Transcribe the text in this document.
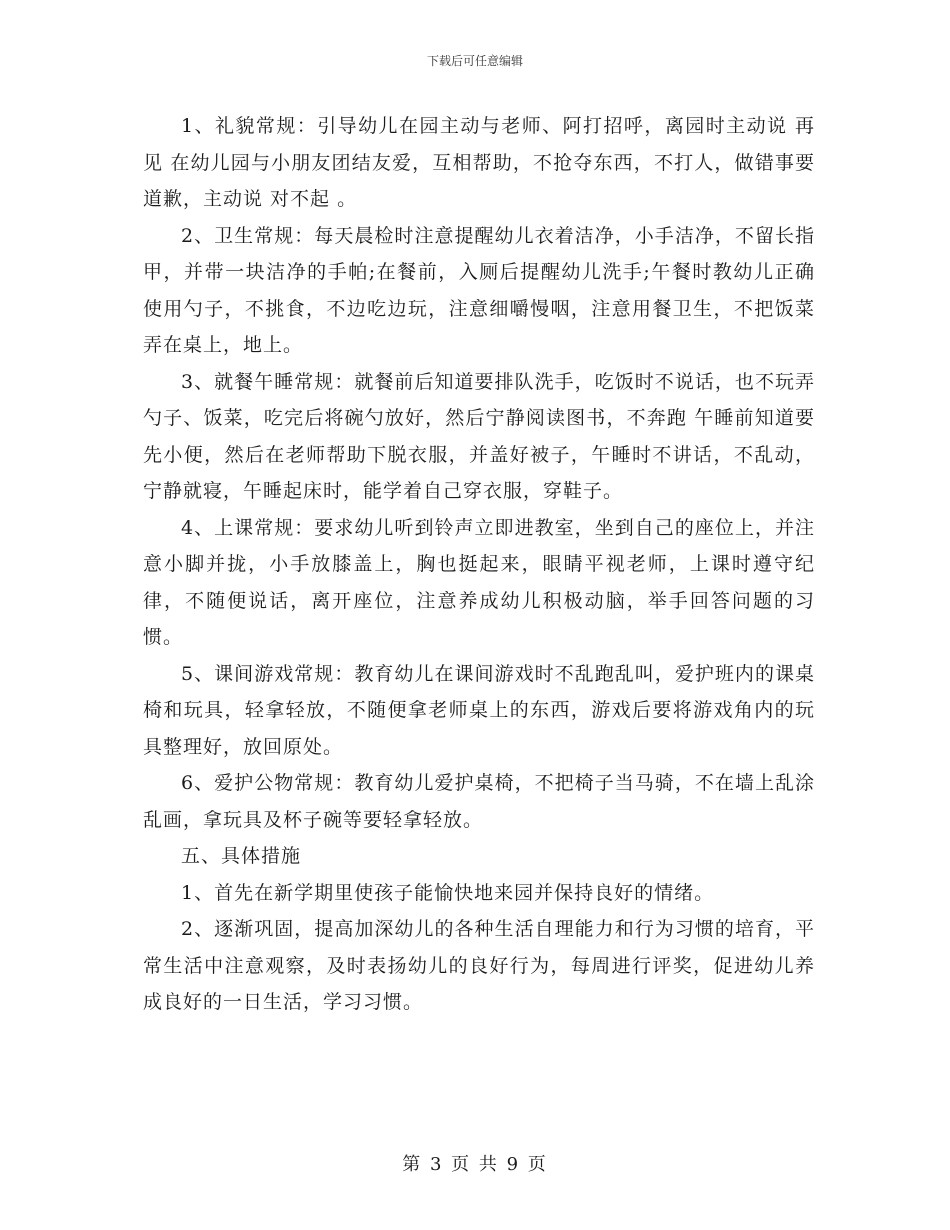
下载后可任意编辑

1、礼貌常规：引导幼儿在园主动与老师、阿打招呼，离园时主动说 再见 在幼儿园与小朋友团结友爱，互相帮助，不抢夺东西，不打人，做错事要道歉，主动说 对不起 。

2、卫生常规：每天晨检时注意提醒幼儿衣着洁净，小手洁净，不留长指甲，并带一块洁净的手帕;在餐前，入厕后提醒幼儿洗手;午餐时教幼儿正确使用勺子，不挑食，不边吃边玩，注意细嚼慢咽，注意用餐卫生，不把饭菜弄在桌上，地上。

3、就餐午睡常规：就餐前后知道要排队洗手，吃饭时不说话，也不玩弄勺子、饭菜，吃完后将碗勺放好，然后宁静阅读图书，不奔跑 午睡前知道要先小便，然后在老师帮助下脱衣服，并盖好被子，午睡时不讲话，不乱动，宁静就寝，午睡起床时，能学着自己穿衣服，穿鞋子。

4、上课常规：要求幼儿听到铃声立即进教室，坐到自己的座位上，并注意小脚并拢，小手放膝盖上，胸也挺起来，眼睛平视老师，上课时遵守纪律，不随便说话，离开座位，注意养成幼儿积极动脑，举手回答问题的习惯。

5、课间游戏常规：教育幼儿在课间游戏时不乱跑乱叫，爱护班内的课桌椅和玩具，轻拿轻放，不随便拿老师桌上的东西，游戏后要将游戏角内的玩具整理好，放回原处。

6、爱护公物常规：教育幼儿爱护桌椅，不把椅子当马骑，不在墙上乱涂乱画，拿玩具及杯子碗等要轻拿轻放。

五、具体措施

1、首先在新学期里使孩子能愉快地来园并保持良好的情绪。

2、逐渐巩固，提高加深幼儿的各种生活自理能力和行为习惯的培育，平常生活中注意观察，及时表扬幼儿的良好行为，每周进行评奖，促进幼儿养成良好的一日生活，学习习惯。

第 3 页 共 9 页
